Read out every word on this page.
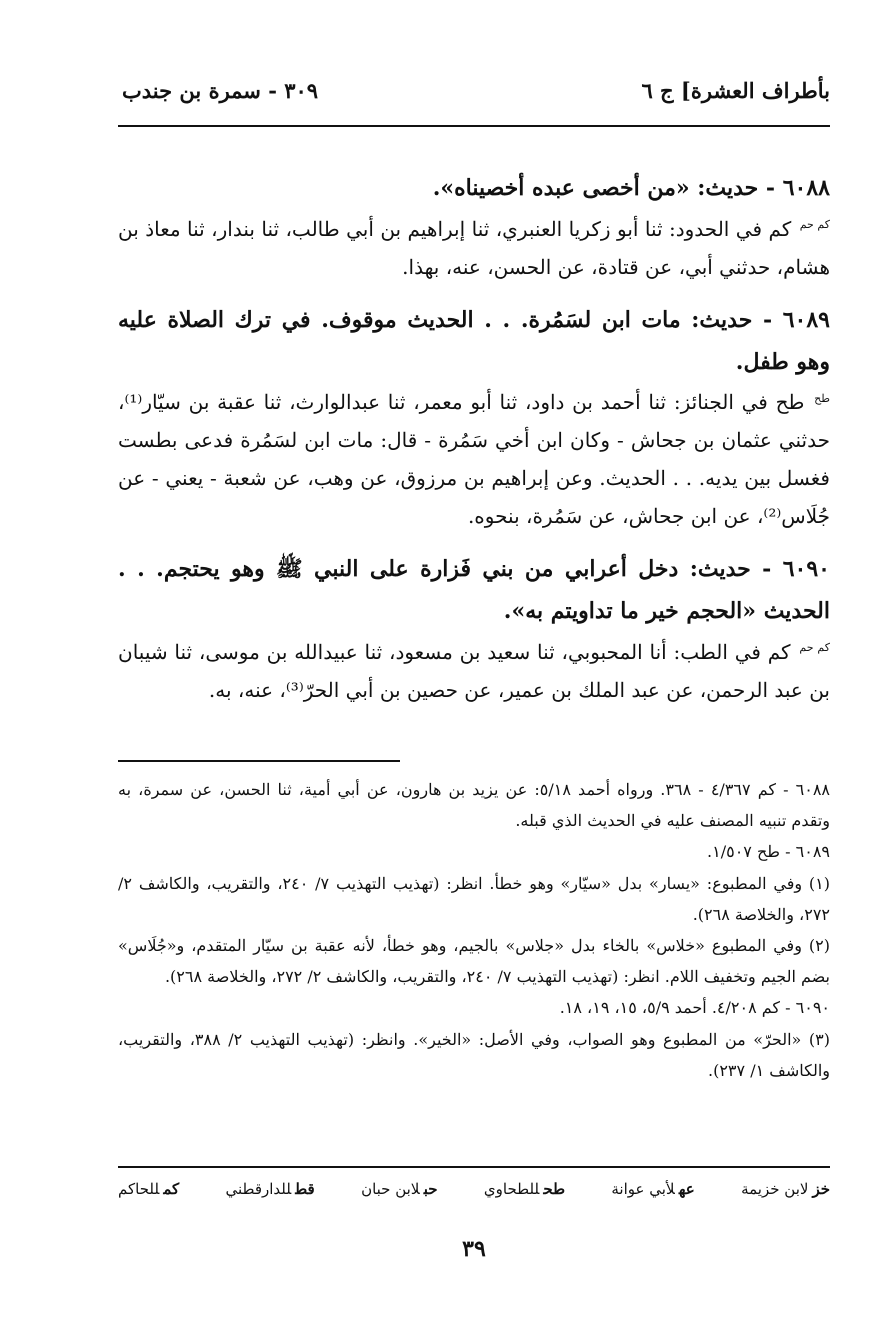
بأطراف العشرة] ج ٦
٣٠٩ - سمرة بن جندب
٦٠٨٨ - حديث: «من أخصى عبده أخصيناه».
$^{كم حم}$ كم في الحدود: ثنا أبو زكريا العنبري، ثنا إبراهيم بن أبي طالب، ثنا بندار، ثنا معاذ بن هشام، حدثني أبي، عن قتادة، عن الحسن، عنه، بهذا.
٦٠٨٩ - حديث: مات ابن لسَمُرة. . . الحديث موقوف. في ترك الصلاة عليه وهو طفل.
$^{طح}$ طح في الجنائز: ثنا أحمد بن داود، ثنا أبو معمر، ثنا عبدالوارث، ثنا عقبة بن سيّار⁽¹⁾، حدثني عثمان بن جحاش - وكان ابن أخي سَمُرة - قال: مات ابن لسَمُرة فدعى بطست فغسل بين يديه. . . الحديث. وعن إبراهيم بن مرزوق، عن وهب، عن شعبة - يعني - عن جُلَاس⁽²⁾، عن ابن جحاش، عن سَمُرة، بنحوه.
٦٠٩٠ - حديث: دخل أعرابي من بني فَزارة على النبي ﷺ وهو يحتجم. . . الحديث «الحجم خير ما تداويتم به».
$^{كم حم}$ كم في الطب: أنا المحبوبي، ثنا سعيد بن مسعود، ثنا عبيدالله بن موسى، ثنا شيبان بن عبد الرحمن، عن عبد الملك بن عمير، عن حصين بن أبي الحرّ⁽³⁾، عنه، به.

٦٠٨٨ - كم ٤/٣٦٧ - ٣٦٨. ورواه أحمد ٥/١٨: عن يزيد بن هارون، عن أبي أمية، ثنا الحسن، عن سمرة، به وتقدم تنبيه المصنف عليه في الحديث الذي قبله.

٦٠٨٩ - طح ١/٥٠٧.

(١) وفي المطبوع: «يسار» بدل «سيّار» وهو خطأ. انظر: (تهذيب التهذيب ٧/ ٢٤٠، والتقريب، والكاشف ٢/ ٢٧٢، والخلاصة ٢٦٨).

(٢) وفي المطبوع «خلاس» بالخاء بدل «جلاس» بالجيم، وهو خطأ، لأنه عقبة بن سيّار المتقدم، و«جُلَاس» بضم الجيم وتخفيف اللام. انظر: (تهذيب التهذيب ٧/ ٢٤٠، والتقريب، والكاشف ٢/ ٢٧٢، والخلاصة ٢٦٨).

٦٠٩٠ - كم ٤/٢٠٨. أحمد ٥/٩، ١٥، ١٩، ١٨.

(٣) «الحرّ» من المطبوع وهو الصواب، وفي الأصل: «الخير». وانظر: (تهذيب التهذيب ٢/ ٣٨٨، والتقريب، والكاشف ١/ ٢٣٧).

خزلابن خزيمة
عهلأبي عوانة
طحللطحاوي
حبلابن حبان
قطللدارقطني
كمللحاكم
٣٩
